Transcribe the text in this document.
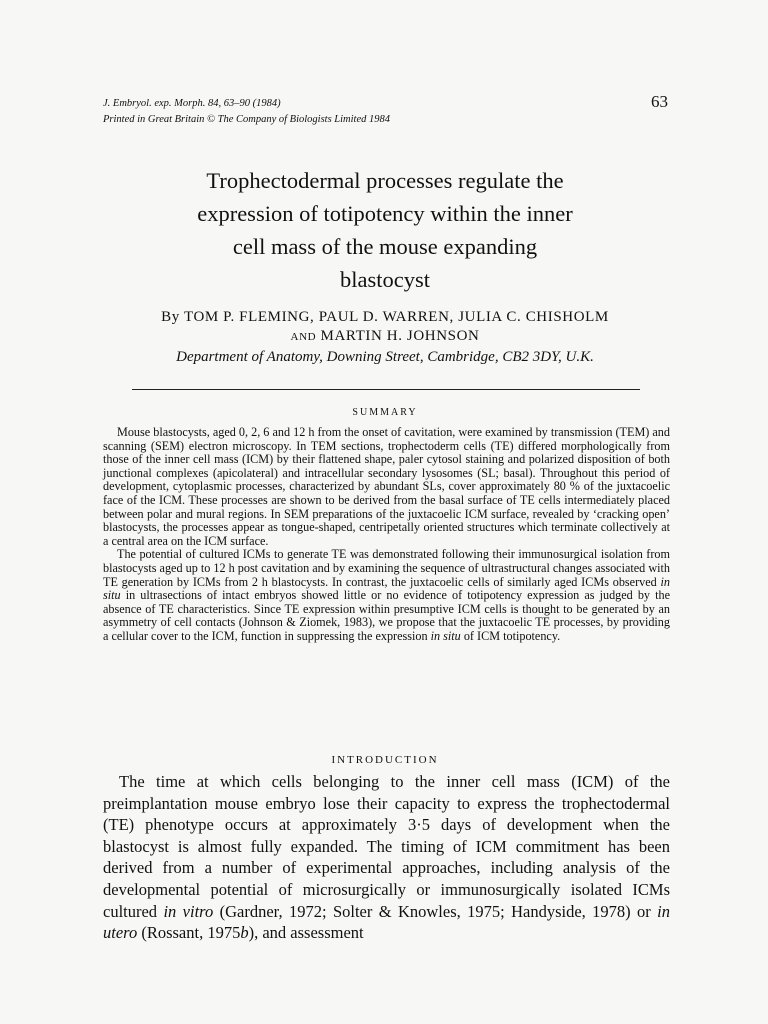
J. Embryol. exp. Morph. 84, 63–90 (1984)
Printed in Great Britain © The Company of Biologists Limited 1984
63
Trophectodermal processes regulate the
expression of totipotency within the inner
cell mass of the mouse expanding
blastocyst
By TOM P. FLEMING, PAUL D. WARREN, JULIA C. CHISHOLM
AND MARTIN H. JOHNSON
Department of Anatomy, Downing Street, Cambridge, CB2 3DY, U.K.
SUMMARY

Mouse blastocysts, aged 0, 2, 6 and 12 h from the onset of cavitation, were examined by transmission (TEM) and scanning (SEM) electron microscopy. In TEM sections, trophectoderm cells (TE) differed morphologically from those of the inner cell mass (ICM) by their flattened shape, paler cytosol staining and polarized disposition of both junctional complexes (apicolateral) and intracellular secondary lysosomes (SL; basal). Throughout this period of development, cytoplasmic processes, characterized by abundant SLs, cover approximately 80 % of the juxtacoelic face of the ICM. These processes are shown to be derived from the basal surface of TE cells intermediately placed between polar and mural regions. In SEM preparations of the juxtacoelic ICM surface, revealed by ‘cracking open’ blastocysts, the processes appear as tongue-shaped, centripetally oriented structures which terminate collectively at a central area on the ICM surface.

The potential of cultured ICMs to generate TE was demonstrated following their immunosurgical isolation from blastocysts aged up to 12 h post cavitation and by examining the sequence of ultrastructural changes associated with TE generation by ICMs from 2 h blastocysts. In contrast, the juxtacoelic cells of similarly aged ICMs observed in situ in ultrasections of intact embryos showed little or no evidence of totipotency expression as judged by the absence of TE characteristics. Since TE expression within presumptive ICM cells is thought to be generated by an asymmetry of cell contacts (Johnson & Ziomek, 1983), we propose that the juxtacoelic TE processes, by providing a cellular cover to the ICM, function in suppressing the expression in situ of ICM totipotency.

INTRODUCTION

The time at which cells belonging to the inner cell mass (ICM) of the preimplantation mouse embryo lose their capacity to express the trophectodermal (TE) phenotype occurs at approximately 3·5 days of development when the blastocyst is almost fully expanded. The timing of ICM commitment has been derived from a number of experimental approaches, including analysis of the developmental potential of microsurgically or immunosurgically isolated ICMs cultured in vitro (Gardner, 1972; Solter & Knowles, 1975; Handyside, 1978) or in utero (Rossant, 1975b), and assessment
